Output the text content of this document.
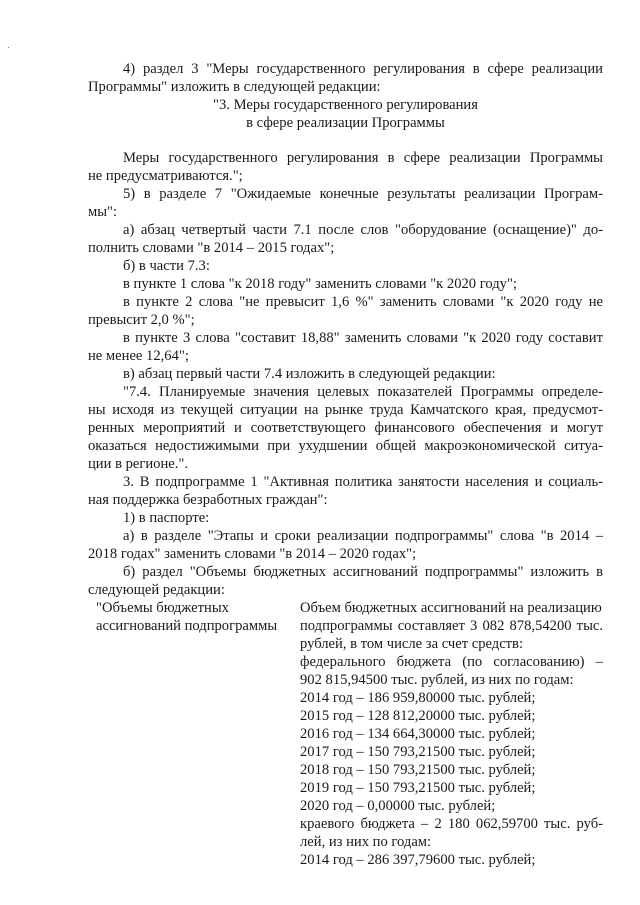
4) раздел 3 "Меры государственного регулирования в сфере реализации
Программы" изложить в следующей редакции:
"3. Меры государственного регулирования
в сфере реализации Программы
Меры государственного регулирования в сфере реализации Программы
не предусматриваются.";
5) в разделе 7 "Ожидаемые конечные результаты реализации Програм-
мы":
а) абзац четвертый части 7.1 после слов "оборудование (оснащение)" до-
полнить словами "в 2014 – 2015 годах";
б) в части 7.3:
в пункте 1 слова "к 2018 году" заменить словами "к 2020 году";
в пункте 2 слова "не превысит 1,6 %" заменить словами "к 2020 году не
превысит 2,0 %";
в пункте 3 слова "составит 18,88" заменить словами "к 2020 году составит
не менее 12,64";
в) абзац первый части 7.4 изложить в следующей редакции:
"7.4. Планируемые значения целевых показателей Программы определе-
ны исходя из текущей ситуации на рынке труда Камчатского края, предусмот-
ренных мероприятий и соответствующего финансового обеспечения и могут
оказаться недостижимыми при ухудшении общей макроэкономической ситуа-
ции в регионе.".
3. В подпрограмме 1 "Активная политика занятости населения и социаль-
ная поддержка безработных граждан":
1) в паспорте:
а) в разделе "Этапы и сроки реализации подпрограммы" слова "в 2014 –
2018 годах" заменить словами "в 2014 – 2020 годах";
б) раздел "Объемы бюджетных ассигнований подпрограммы" изложить в
следующей редакции:
"Объемы бюджетных
ассигнований подпрограммы
Объем бюджетных ассигнований на реализацию
подпрограммы составляет 3 082 878,54200 тыс.
рублей, в том числе за счет средств:
федерального бюджета (по согласованию) –
902 815,94500 тыс. рублей, из них по годам:
2014 год – 186 959,80000 тыс. рублей;
2015 год – 128 812,20000 тыс. рублей;
2016 год – 134 664,30000 тыс. рублей;
2017 год – 150 793,21500 тыс. рублей;
2018 год – 150 793,21500 тыс. рублей;
2019 год – 150 793,21500 тыс. рублей;
2020 год – 0,00000 тыс. рублей;
краевого бюджета – 2 180 062,59700 тыс. руб-
лей, из них по годам:
2014 год – 286 397,79600 тыс. рублей;
